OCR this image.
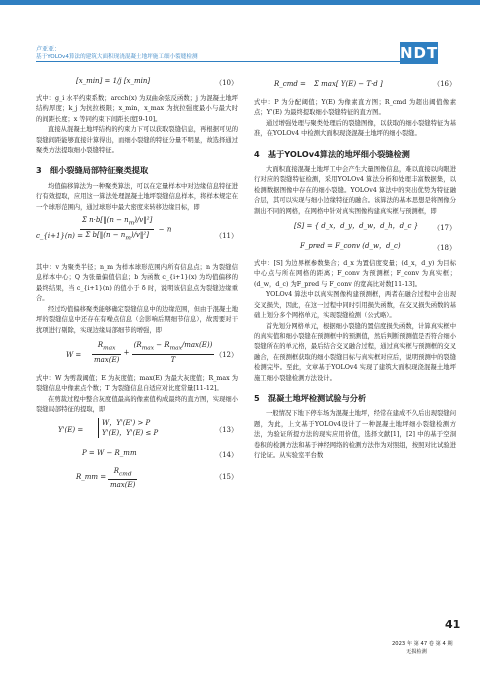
卢亚亚：
基于YOLOv4算法的建筑大面积现浇混凝土地坪施工细小裂缝检测	NDT
[x_min] = 1/j [x_min]	（10）

式中：g_i 水平约束系数；arcch(x) 为双曲余弦反函数；j 为混凝土地坪结构厚度；k_j 为抗拉极限；x_min，x_max 为抗拉强度最小与最大时的间距长度；x 等同约束下间距长度[9-10]。

直接从混凝土地坪结构的约束力下可以获取裂缝信息，再根据可见的裂缝间距能够直接计算得出，而细小裂缝的特征分量不明显，故选择通过聚类方法提取细小裂缝特征。

3　细小裂缝局部特征聚类提取

均值偏移算法为一种聚类算法，可以在定量样本中对边缘信息特征进行有效提取，应用这一算法处理混凝土地坪裂缝信息样本，将样本规定在一个球形范围内，通过球形中最大密度来转移边缘目标，即

c_{i+1}(n) =
$\frac{\Sigma n\cdot b[‖(n - n_m)/v‖^2]}{\Sigma b[‖(n - n_m)/v‖^2]} - n$
（11）

其中：v 为聚类半径；n_m 为样本球形范围内所有信息点；n 为裂缝信息样本中心；Q 为张量偏值信息；b 为函数 c_{i+1}(x) 为均值偏移的最终结果，当 c_{i+1}(n) 的值小于 δ 时，说明该信息点为裂缝边缘重合。

经过均值偏移聚类能够确定裂缝信息中的边缘范围，但由于混凝土地坪的裂缝信息中还存在有噪点信息（会影响后期细节信息），故需要对干扰项进行剔除，实现边缘局部细节的增强，即

$W = \frac{R_{max}}{\max(E)} + \frac{(R_{max} - R_{max}/\max(E))}{T} (12)$

式中：W 为剪裁阈值；E 为灰度值；max(E) 为最大灰度值；R_max 为裂缝信息中像素点个数；T 为裂缝信息自适应对比度常量[11-12]。

在剪裁过程中整合灰度值最高的像素值构成最终的直方图，实现细小裂缝局部特征的提取，即

Y'(E) =
W，Y'(E') > P
Y'(E)，Y'(E) ≤ P	（13）
P = W − R_mm	（14）
R_mm = $\frac{R_{cmd}}{\max(E)}$	（15）
R_cmd = Σ max[ Y(E) − T·d ]	（16）

式中：P 为分配阈值；Y(E) 为像素直方图；R_cmd 为超出阈值像素点；Y'(E) 为最终提取细小裂缝特征的直方图。

通过增强处理与聚类处理后的裂缝图像，以获取的细小裂缝特征为基准，在YOLOv4 中检测大面积现浇混凝土地坪的细小裂缝。

4　基于YOLOv4算法的地坪细小裂缝检测

大面积直接混凝土地坪工中会产生大量图像信息，难以直接以肉眼进行对应的裂缝特征检测，采用YOLOv4 算法分析和处理丰富数据集，以检测数据图像中存在的细小裂缝。YOLOv4 算法中的突出优势为特征融合层，其可以实现与细小边缘特征的融合。该算法的基本思想是将图像分割出不同的网格，在网格中针对真实图像构建真实框与预测框，即

[S] = { d_x，d_y，d_w，d_h，d_c } （17）
F_pred = F_conv (d_w，d_c)	（18）

式中：[S] 为边界框参数集合；d_x 为置信度变量；(d_x，d_y) 为目标中心点与所在网格的距离；F_conv 为预测框；F_conv 为真实框；(d_w，d_c) 为F_pred 与 F_conv 的宽高比对数[11-13]。

YOLOv4 算法中以真实图像构建预测框，两者在融合过程中会出现交叉损失，因此，在这一过程中同时引用损失函数，在交叉损失函数的基础上划分多个网格单元，实现裂缝检测（公式略）。

首先划分网格单元，根据细小裂缝的置信度损失函数，计算真实框中的真实值和细小裂缝在预测框中的预测值，然后判断预测值是否符合细小裂缝所在的单元格，最后结合交叉融合过程，通过真实框与预测框的交叉融合，在预测框获取的细小裂缝目标与真实框对应后，说明预测中的裂缝检测完毕。至此，文章基于YOLOv4 实现了建筑大面积现浇混凝土地坪施工细小裂缝检测方法设计。

5　混凝土地坪检测试验与分析

一般情况下地下停车场为混凝土地坪，经常在建成不久后出现裂缝问题，为此，上文基于YOLOv4设计了一种混凝土地坪细小裂缝检测方法，为验证所提方法的现实应用价值，选择文献[1]，[2] 中的基于空洞卷积的检测方法和基于神经网络的检测方法作为对照组，按照对比试验进行论证。从实验室平台数

41
2023 年 第 47 卷 第 4 期
无损检测
